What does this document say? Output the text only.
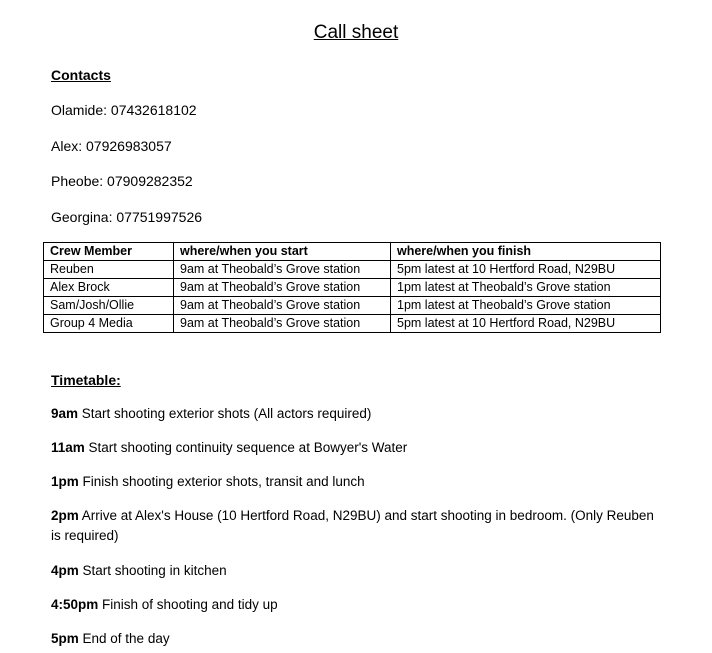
Call sheet
Contacts
Olamide: 07432618102
Alex: 07926983057
Pheobe: 07909282352
Georgina: 07751997526
Crew Member	where/when you start	where/when you finish
Reuben	9am at Theobald’s Grove station	5pm latest at 10 Hertford Road, N29BU
Alex Brock	9am at Theobald’s Grove station	1pm latest at Theobald’s Grove station
Sam/Josh/Ollie	9am at Theobald’s Grove station	1pm latest at Theobald’s Grove station
Group 4 Media	9am at Theobald’s Grove station	5pm latest at 10 Hertford Road, N29BU
Timetable:
9am Start shooting exterior shots (All actors required)
11am Start shooting continuity sequence at Bowyer's Water
1pm Finish shooting exterior shots, transit and lunch
2pm Arrive at Alex's House (10 Hertford Road, N29BU) and start shooting in bedroom. (Only Reuben is required)
4pm Start shooting in kitchen
4:50pm Finish of shooting and tidy up
5pm End of the day
